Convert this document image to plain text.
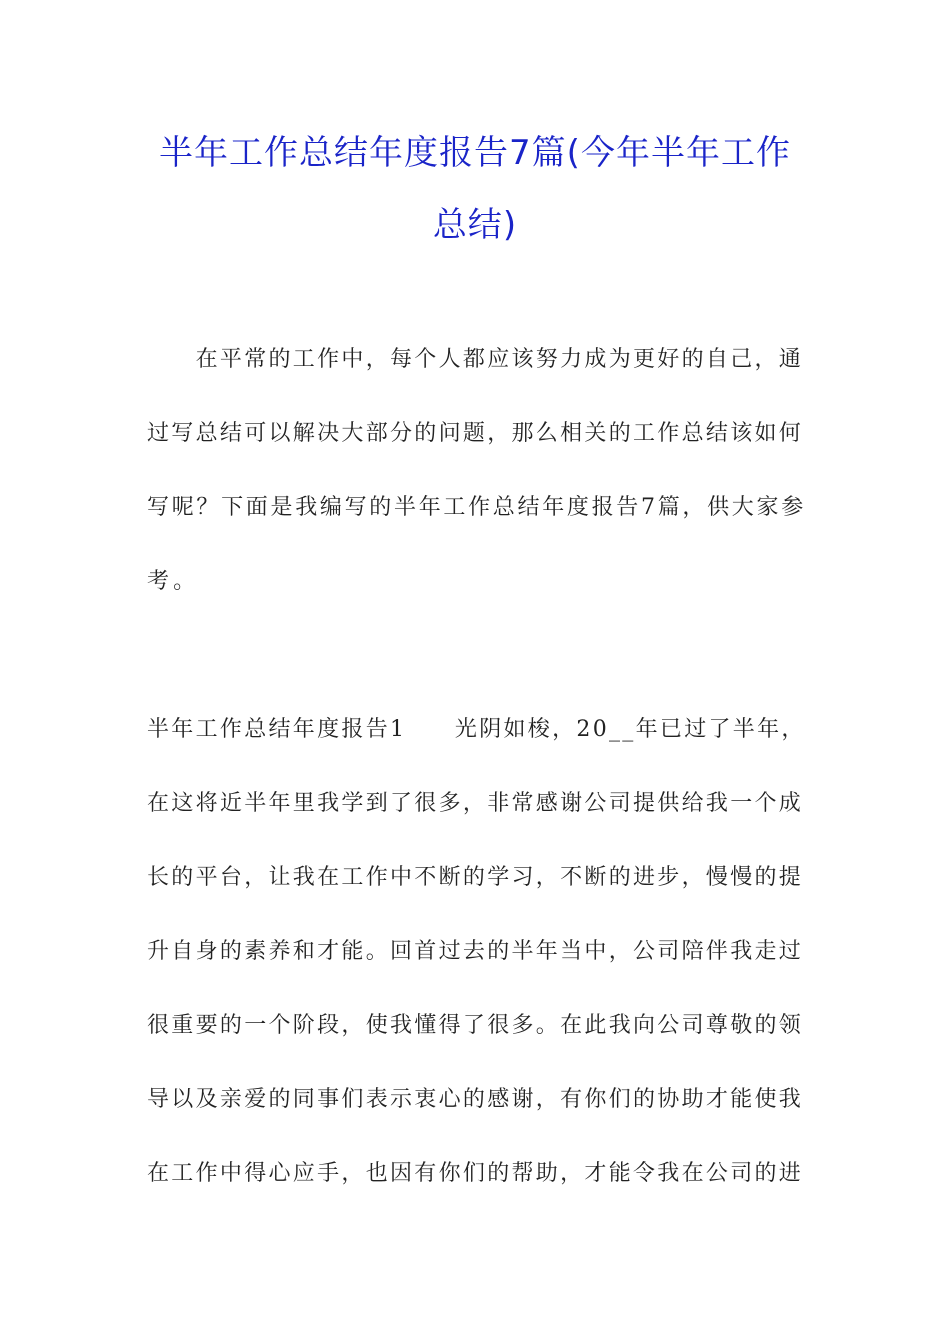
半年工作总结年度报告7篇(今年半年工作
总结)
　　在平常的工作中，每个人都应该努力成为更好的自己，通
过写总结可以解决大部分的问题，那么相关的工作总结该如何
写呢？下面是我编写的半年工作总结年度报告7篇，供大家参
考。
半年工作总结年度报告1　　光阴如梭，20__年已过了半年，
在这将近半年里我学到了很多，非常感谢公司提供给我一个成
长的平台，让我在工作中不断的学习，不断的进步，慢慢的提
升自身的素养和才能。回首过去的半年当中，公司陪伴我走过
很重要的一个阶段，使我懂得了很多。在此我向公司尊敬的领
导以及亲爱的同事们表示衷心的感谢，有你们的协助才能使我
在工作中得心应手，也因有你们的帮助，才能令我在公司的进
